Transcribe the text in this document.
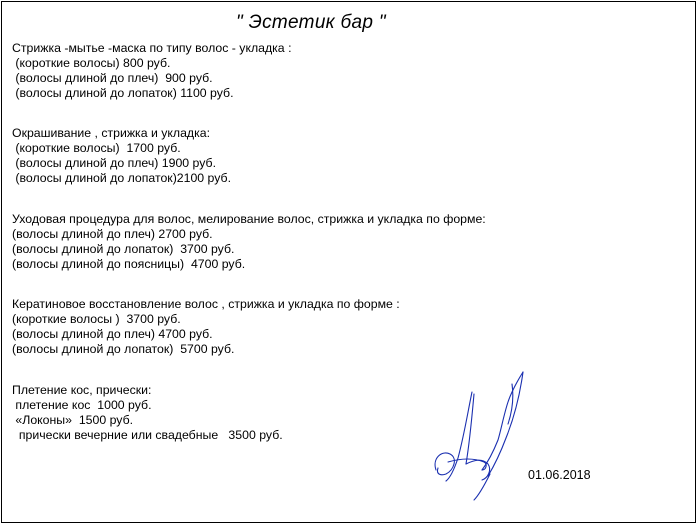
" Эстетик бар "
Стрижка -мытье -маска по типу волос - укладка :
(короткие волосы) 800 руб.
(волосы длиной до плеч)  900 руб.
(волосы длиной до лопаток) 1100 руб.
Окрашивание , стрижка и укладка:
(короткие волосы)  1700 руб.
(волосы длиной до плеч) 1900 руб.
(волосы длиной до лопаток)2100 руб.
Уходовая процедура для волос, мелирование волос, стрижка и укладка по форме:
(волосы длиной до плеч) 2700 руб.
(волосы длиной до лопаток)  3700 руб.
(волосы длиной до поясницы)  4700 руб.
Кератиновое восстановление волос , стрижка и укладка по форме :
(короткие волосы )  3700 руб.
(волосы длиной до плеч) 4700 руб.
(волосы длиной до лопаток)  5700 руб.
Плетение кос, прически:
плетение кос  1000 руб.
«Локоны»  1500 руб.
прически вечерние или свадебные   3500 руб.
01.06.2018
